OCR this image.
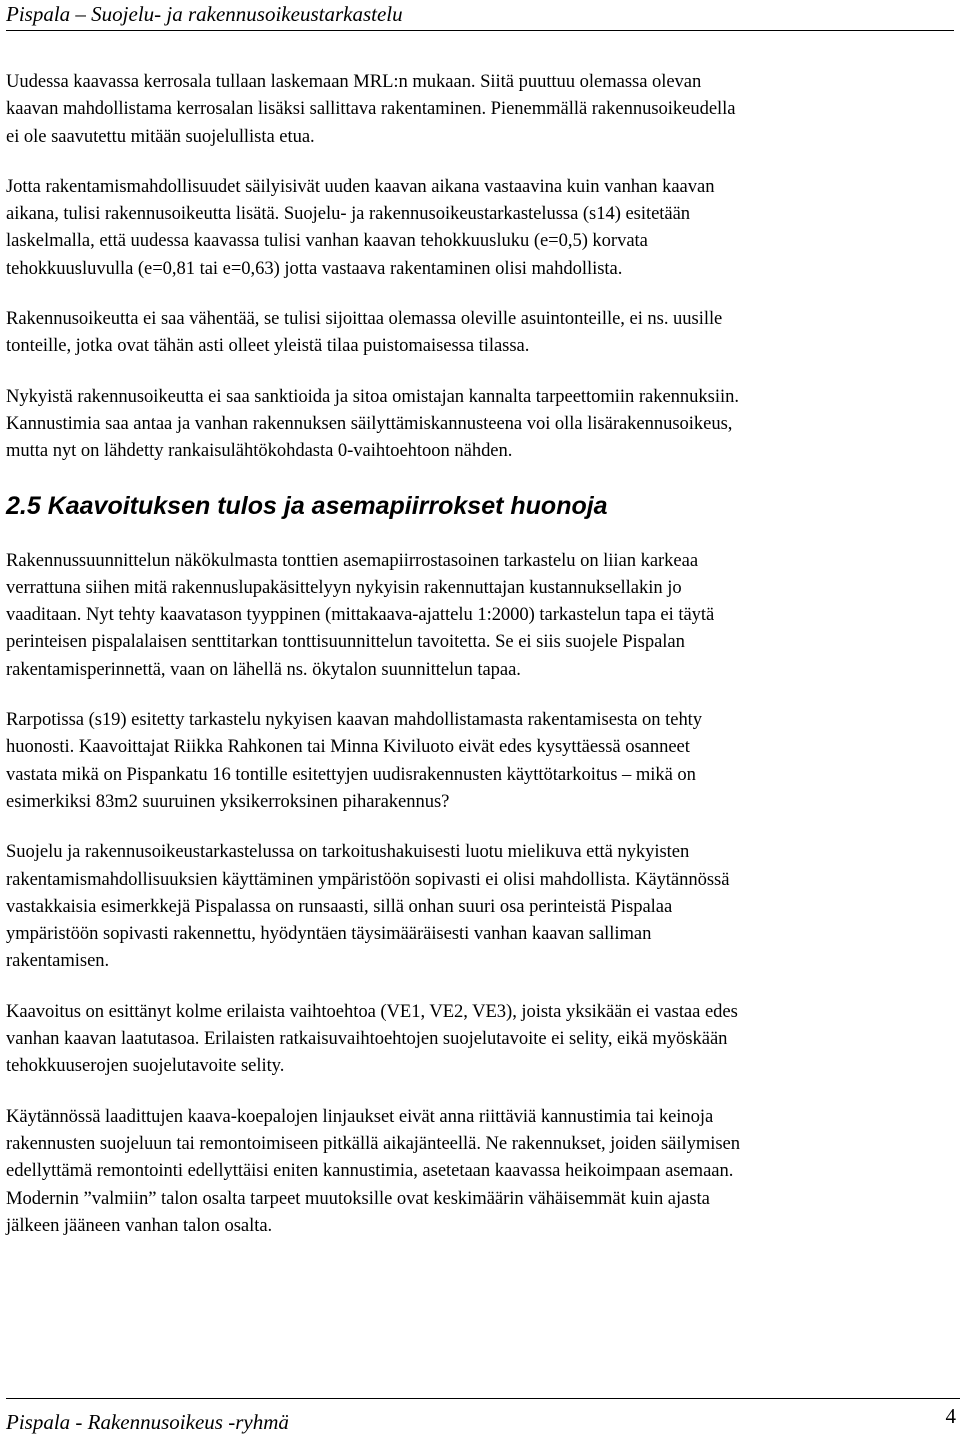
Pispala – Suojelu- ja rakennusoikeustarkastelu
Uudessa kaavassa kerrosala tullaan laskemaan MRL:n mukaan. Siitä puuttuu olemassa olevan
kaavan mahdollistama kerrosalan lisäksi sallittava rakentaminen. Pienemmällä rakennusoikeudella
ei ole saavutettu mitään suojelullista etua.
Jotta rakentamismahdollisuudet säilyisivät uuden kaavan aikana vastaavina kuin vanhan kaavan
aikana, tulisi rakennusoikeutta lisätä. Suojelu- ja rakennusoikeustarkastelussa (s14) esitetään
laskelmalla, että uudessa kaavassa tulisi vanhan kaavan tehokkuusluku (e=0,5) korvata
tehokkuusluvulla (e=0,81 tai e=0,63) jotta vastaava rakentaminen olisi mahdollista.
Rakennusoikeutta ei saa vähentää, se tulisi sijoittaa olemassa oleville asuintonteille, ei ns. uusille
tonteille, jotka ovat tähän asti olleet yleistä tilaa puistomaisessa tilassa.
Nykyistä rakennusoikeutta ei saa sanktioida ja sitoa omistajan kannalta tarpeettomiin rakennuksiin.
Kannustimia saa antaa ja vanhan rakennuksen säilyttämiskannusteena voi olla lisärakennusoikeus,
mutta nyt on lähdetty rankaisulähtökohdasta 0-vaihtoehtoon nähden.
2.5 Kaavoituksen tulos ja asemapiirrokset huonoja
Rakennussuunnittelun näkökulmasta tonttien asemapiirrostasoinen tarkastelu on liian karkeaa
verrattuna siihen mitä rakennuslupakäsittelyyn nykyisin rakennuttajan kustannuksellakin jo
vaaditaan. Nyt tehty kaavatason tyyppinen (mittakaava-ajattelu 1:2000) tarkastelun tapa ei täytä
perinteisen pispalalaisen senttitarkan tonttisuunnittelun tavoitetta. Se ei siis suojele Pispalan
rakentamisperinnettä, vaan on lähellä ns. ökytalon suunnittelun tapaa.
Rarpotissa (s19) esitetty tarkastelu nykyisen kaavan mahdollistamasta rakentamisesta on tehty
huonosti. Kaavoittajat Riikka Rahkonen tai Minna Kiviluoto eivät edes kysyttäessä osanneet
vastata mikä on Pispankatu 16 tontille esitettyjen uudisrakennusten käyttötarkoitus – mikä on
esimerkiksi 83m2 suuruinen yksikerroksinen piharakennus?
Suojelu ja rakennusoikeustarkastelussa on tarkoitushakuisesti luotu mielikuva että nykyisten
rakentamismahdollisuuksien käyttäminen ympäristöön sopivasti ei olisi mahdollista. Käytännössä
vastakkaisia esimerkkejä Pispalassa on runsaasti, sillä onhan suuri osa perinteistä Pispalaa
ympäristöön sopivasti rakennettu, hyödyntäen täysimääräisesti vanhan kaavan salliman
rakentamisen.
Kaavoitus on esittänyt kolme erilaista vaihtoehtoa (VE1, VE2, VE3), joista yksikään ei vastaa edes
vanhan kaavan laatutasoa. Erilaisten ratkaisuvaihtoehtojen suojelutavoite ei selity, eikä myöskään
tehokkuuserojen suojelutavoite selity.
Käytännössä laadittujen kaava-koepalojen linjaukset eivät anna riittäviä kannustimia tai keinoja
rakennusten suojeluun tai remontoimiseen pitkällä aikajänteellä. Ne rakennukset, joiden säilymisen
edellyttämä remontointi edellyttäisi eniten kannustimia, asetetaan kaavassa heikoimpaan asemaan.
Modernin ”valmiin” talon osalta tarpeet muutoksille ovat keskimäärin vähäisemmät kuin ajasta
jälkeen jääneen vanhan talon osalta.
Pispala - Rakennusoikeus -ryhmä	4
